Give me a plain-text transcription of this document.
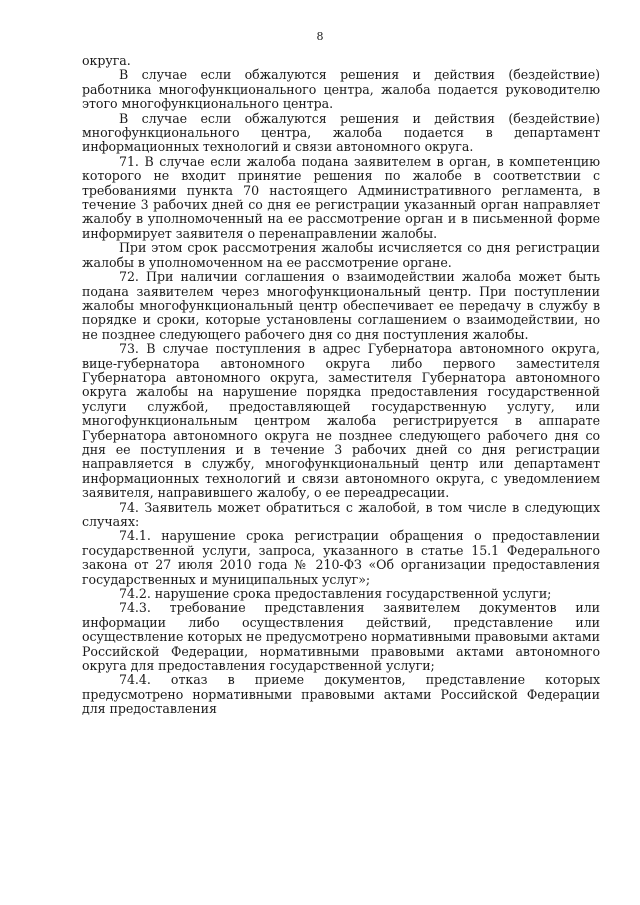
8

округа.

В случае если обжалуются решения и действия (бездействие) работника многофункционального центра, жалоба подается руководителю этого многофункционального центра.

В случае если обжалуются решения и действия (бездействие) многофункционального центра, жалоба подается в департамент информационных технологий и связи автономного округа.

71. В случае если жалоба подана заявителем в орган, в компетенцию которого не входит принятие решения по жалобе в соответствии с требованиями пункта 70 настоящего Административного регламента, в течение 3 рабочих дней со дня ее регистрации указанный орган направляет жалобу в уполномоченный на ее рассмотрение орган и в письменной форме информирует заявителя о перенаправлении жалобы.

При этом срок рассмотрения жалобы исчисляется со дня регистрации жалобы в уполномоченном на ее рассмотрение органе.

72. При наличии соглашения о взаимодействии жалоба может быть подана заявителем через многофункциональный центр. При поступлении жалобы многофункциональный центр обеспечивает ее передачу в службу в порядке и сроки, которые установлены соглашением о взаимодействии, но не позднее следующего рабочего дня со дня поступления жалобы.

73. В случае поступления в адрес Губернатора автономного округа, вице-губернатора автономного округа либо первого заместителя Губернатора автономного округа, заместителя Губернатора автономного округа жалобы на нарушение порядка предоставления государственной услуги службой, предоставляющей государственную услугу, или многофункциональным центром жалоба регистрируется в аппарате Губернатора автономного округа не позднее следующего рабочего дня со дня ее поступления и в течение 3 рабочих дней со дня регистрации направляется в службу, многофункциональный центр или департамент информационных технологий и связи автономного округа, с уведомлением заявителя, направившего жалобу, о ее переадресации.

74. Заявитель может обратиться с жалобой, в том числе в следующих случаях:

74.1. нарушение срока регистрации обращения о предоставлении государственной услуги, запроса, указанного в статье 15.1 Федерального закона от 27 июля 2010 года № 210-ФЗ «Об организации предоставления государственных и муниципальных услуг»;

74.2. нарушение срока предоставления государственной услуги;

74.3. требование представления заявителем документов или информации либо осуществления действий, представление или осуществление которых не предусмотрено нормативными правовыми актами Российской Федерации, нормативными правовыми актами автономного округа для предоставления государственной услуги;

74.4. отказ в приеме документов, представление которых предусмотрено нормативными правовыми актами Российской Федерации для предоставления
